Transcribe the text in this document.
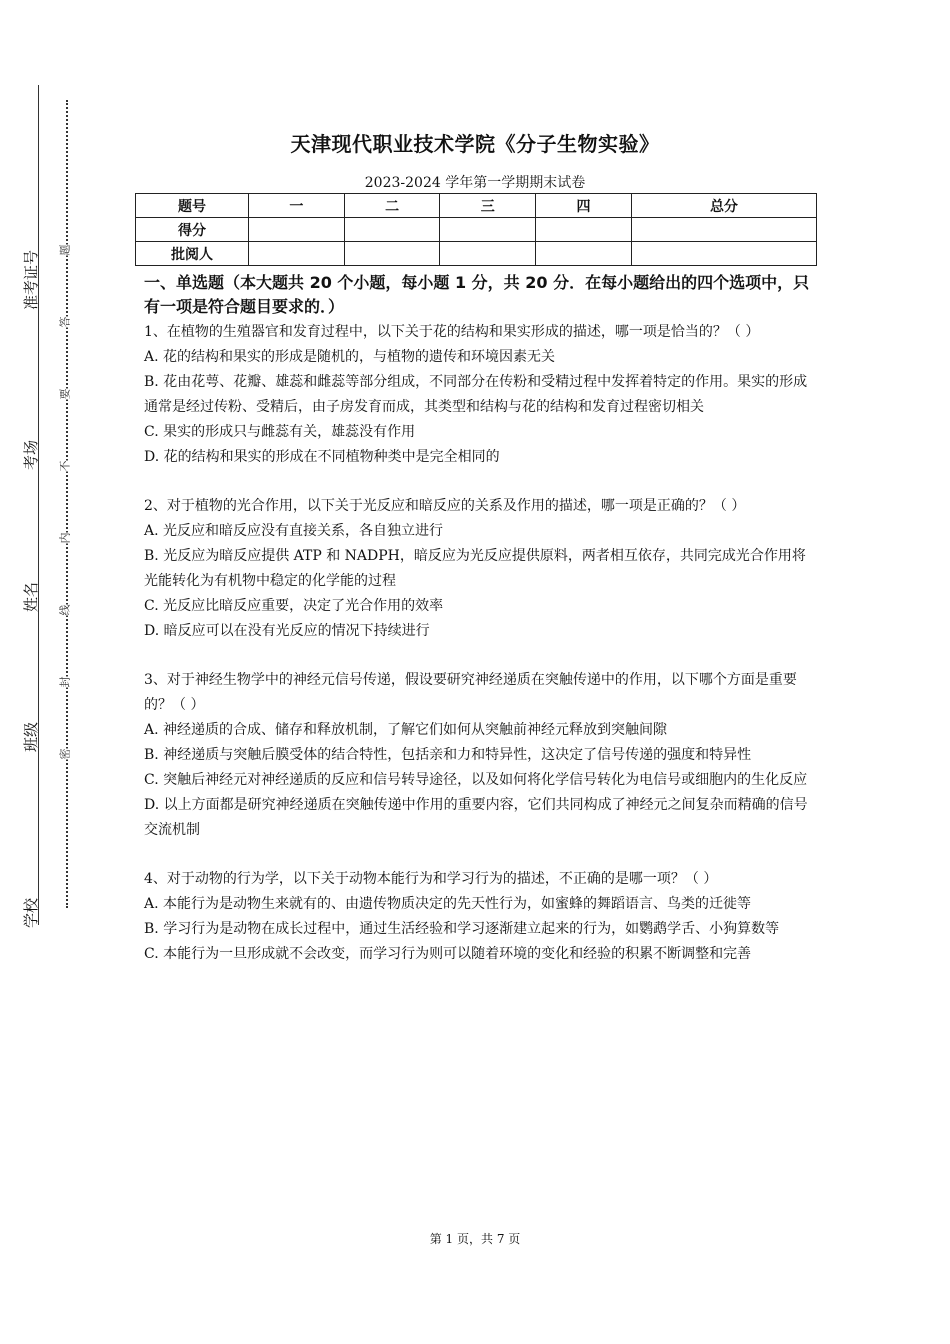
准考证号
考场
姓名
班级
学校
题
答
要
不
内
线
封
密
天津现代职业技术学院《分子生物实验》
2023-2024 学年第一学期期末试卷
题号	一	二	三	四	总分
得分					
批阅人					
一、单选题（本大题共 20 个小题，每小题 1 分，共 20 分．在每小题给出的四个选项中，只有一项是符合题目要求的．）

1、在植物的生殖器官和发育过程中，以下关于花的结构和果实形成的描述，哪一项是恰当的？（ ）

A. 花的结构和果实的形成是随机的，与植物的遗传和环境因素无关

B. 花由花萼、花瓣、雄蕊和雌蕊等部分组成，不同部分在传粉和受精过程中发挥着特定的作用。果实的形成通常是经过传粉、受精后，由子房发育而成，其类型和结构与花的结构和发育过程密切相关

C. 果实的形成只与雌蕊有关，雄蕊没有作用

D. 花的结构和果实的形成在不同植物种类中是完全相同的

2、对于植物的光合作用，以下关于光反应和暗反应的关系及作用的描述，哪一项是正确的？（ ）

A. 光反应和暗反应没有直接关系，各自独立进行

B. 光反应为暗反应提供 ATP 和 NADPH，暗反应为光反应提供原料，两者相互依存，共同完成光合作用将光能转化为有机物中稳定的化学能的过程

C. 光反应比暗反应重要，决定了光合作用的效率

D. 暗反应可以在没有光反应的情况下持续进行

3、对于神经生物学中的神经元信号传递，假设要研究神经递质在突触传递中的作用，以下哪个方面是重要的？（ ）

A. 神经递质的合成、储存和释放机制，了解它们如何从突触前神经元释放到突触间隙

B. 神经递质与突触后膜受体的结合特性，包括亲和力和特异性，这决定了信号传递的强度和特异性

C. 突触后神经元对神经递质的反应和信号转导途径，以及如何将化学信号转化为电信号或细胞内的生化反应

D. 以上方面都是研究神经递质在突触传递中作用的重要内容，它们共同构成了神经元之间复杂而精确的信号交流机制

4、对于动物的行为学，以下关于动物本能行为和学习行为的描述，不正确的是哪一项？（ ）

A. 本能行为是动物生来就有的、由遗传物质决定的先天性行为，如蜜蜂的舞蹈语言、鸟类的迁徙等

B. 学习行为是动物在成长过程中，通过生活经验和学习逐渐建立起来的行为，如鹦鹉学舌、小狗算数等

C. 本能行为一旦形成就不会改变，而学习行为则可以随着环境的变化和经验的积累不断调整和完善

第 1 页，共 7 页
